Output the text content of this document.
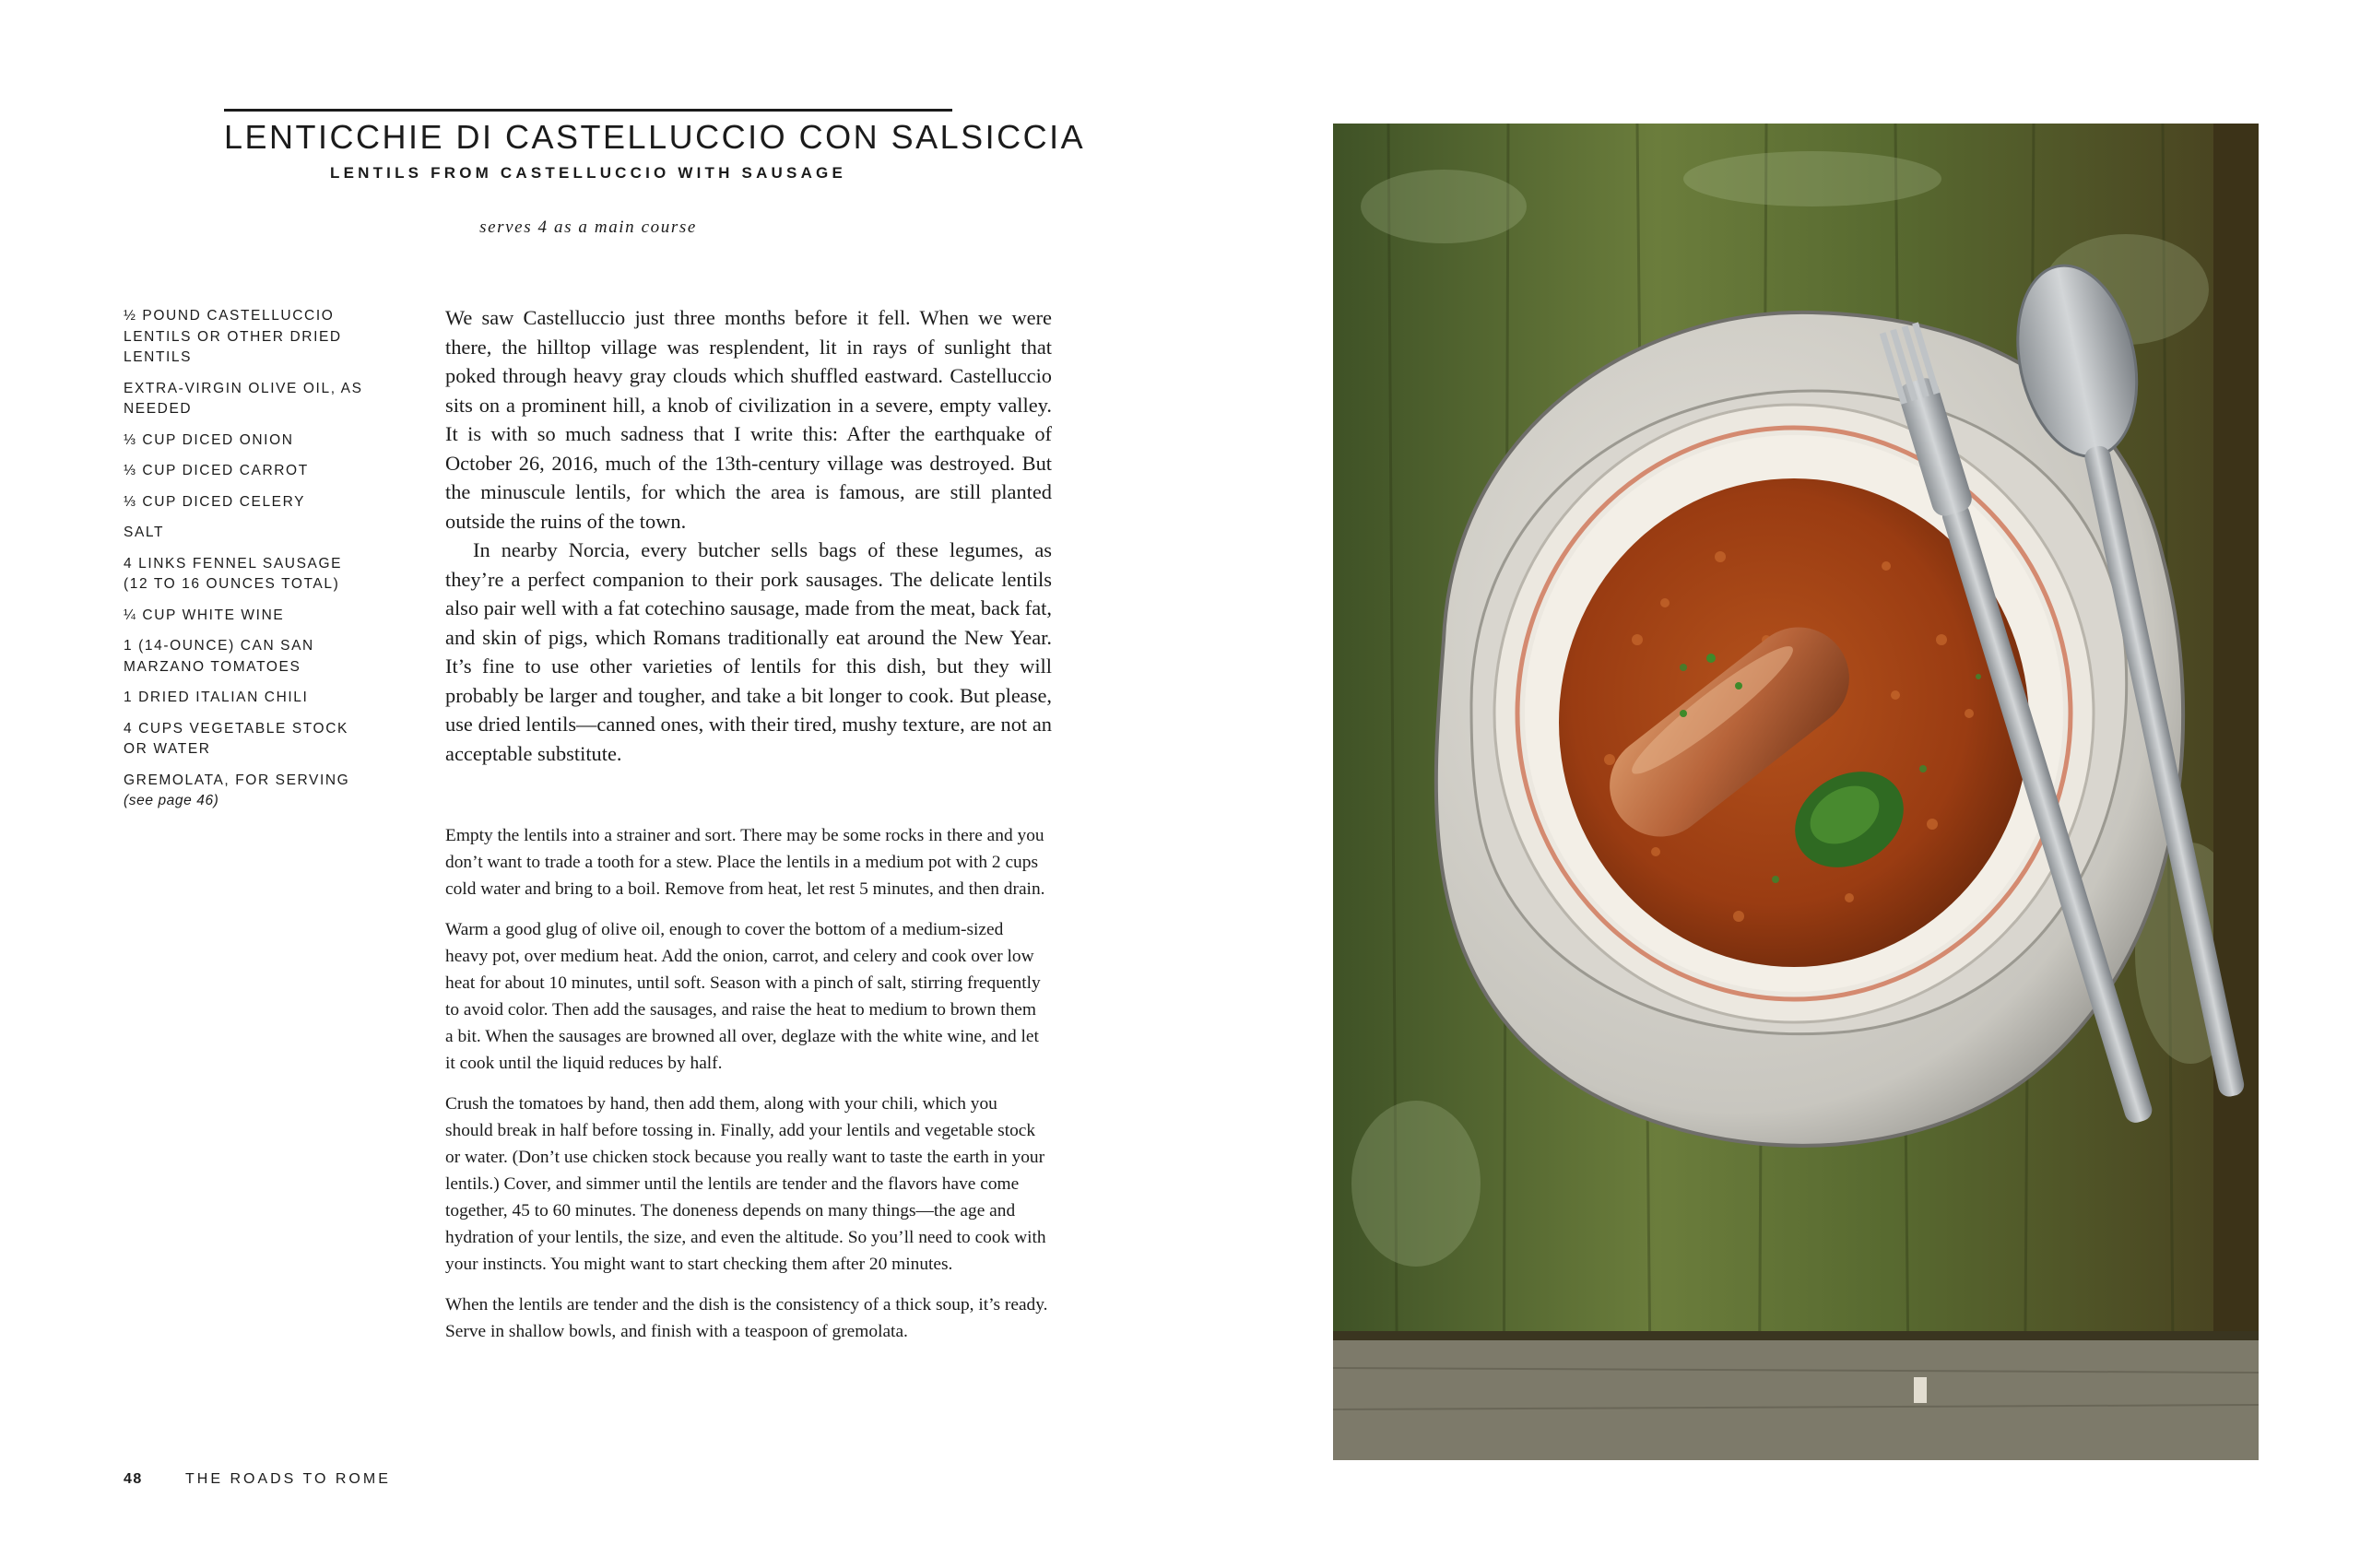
LENTICCHIE DI CASTELLUCCIO CON SALSICCIA
LENTILS FROM CASTELLUCCIO WITH SAUSAGE
serves 4 as a main course
½ POUND CASTELLUCCIO LENTILS OR OTHER DRIED LENTILS
EXTRA-VIRGIN OLIVE OIL, AS NEEDED
⅓ CUP DICED ONION
⅓ CUP DICED CARROT
⅓ CUP DICED CELERY
SALT
4 LINKS FENNEL SAUSAGE (12 TO 16 OUNCES TOTAL)
¼ CUP WHITE WINE
1 (14-OUNCE) CAN SAN MARZANO TOMATOES
1 DRIED ITALIAN CHILI
4 CUPS VEGETABLE STOCK OR WATER
GREMOLATA, FOR SERVING
(see page 46)

We saw Castelluccio just three months before it fell. When we were there, the hilltop village was resplendent, lit in rays of sunlight that poked through heavy gray clouds which shuffled eastward. Castelluccio sits on a prominent hill, a knob of civilization in a severe, empty valley. It is with so much sadness that I write this: After the earthquake of October 26, 2016, much of the 13th-century village was destroyed. But the minuscule lentils, for which the area is famous, are still planted outside the ruins of the town.

In nearby Norcia, every butcher sells bags of these legumes, as they’re a perfect companion to their pork sausages. The delicate lentils also pair well with a fat cotechino sausage, made from the meat, back fat, and skin of pigs, which Romans traditionally eat around the New Year. It’s fine to use other varieties of lentils for this dish, but they will probably be larger and tougher, and take a bit longer to cook. But please, use dried lentils—canned ones, with their tired, mushy texture, are not an acceptable substitute.

Empty the lentils into a strainer and sort. There may be some rocks in there and you don’t want to trade a tooth for a stew. Place the lentils in a medium pot with 2 cups cold water and bring to a boil. Remove from heat, let rest 5 minutes, and then drain.

Warm a good glug of olive oil, enough to cover the bottom of a medium-sized heavy pot, over medium heat. Add the onion, carrot, and celery and cook over low heat for about 10 minutes, until soft. Season with a pinch of salt, stirring frequently to avoid color. Then add the sausages, and raise the heat to medium to brown them a bit. When the sausages are browned all over, deglaze with the white wine, and let it cook until the liquid reduces by half.

Crush the tomatoes by hand, then add them, along with your chili, which you should break in half before tossing in. Finally, add your lentils and vegetable stock or water. (Don’t use chicken stock because you really want to taste the earth in your lentils.) Cover, and simmer until the lentils are tender and the flavors have come together, 45 to 60 minutes. The doneness depends on many things—the age and hydration of your lentils, the size, and even the altitude. So you’ll need to cook with your instincts. You might want to start checking them after 20 minutes.

When the lentils are tender and the dish is the consistency of a thick soup, it’s ready. Serve in shallow bowls, and finish with a teaspoon of gremolata.

48	THE ROADS TO ROME
